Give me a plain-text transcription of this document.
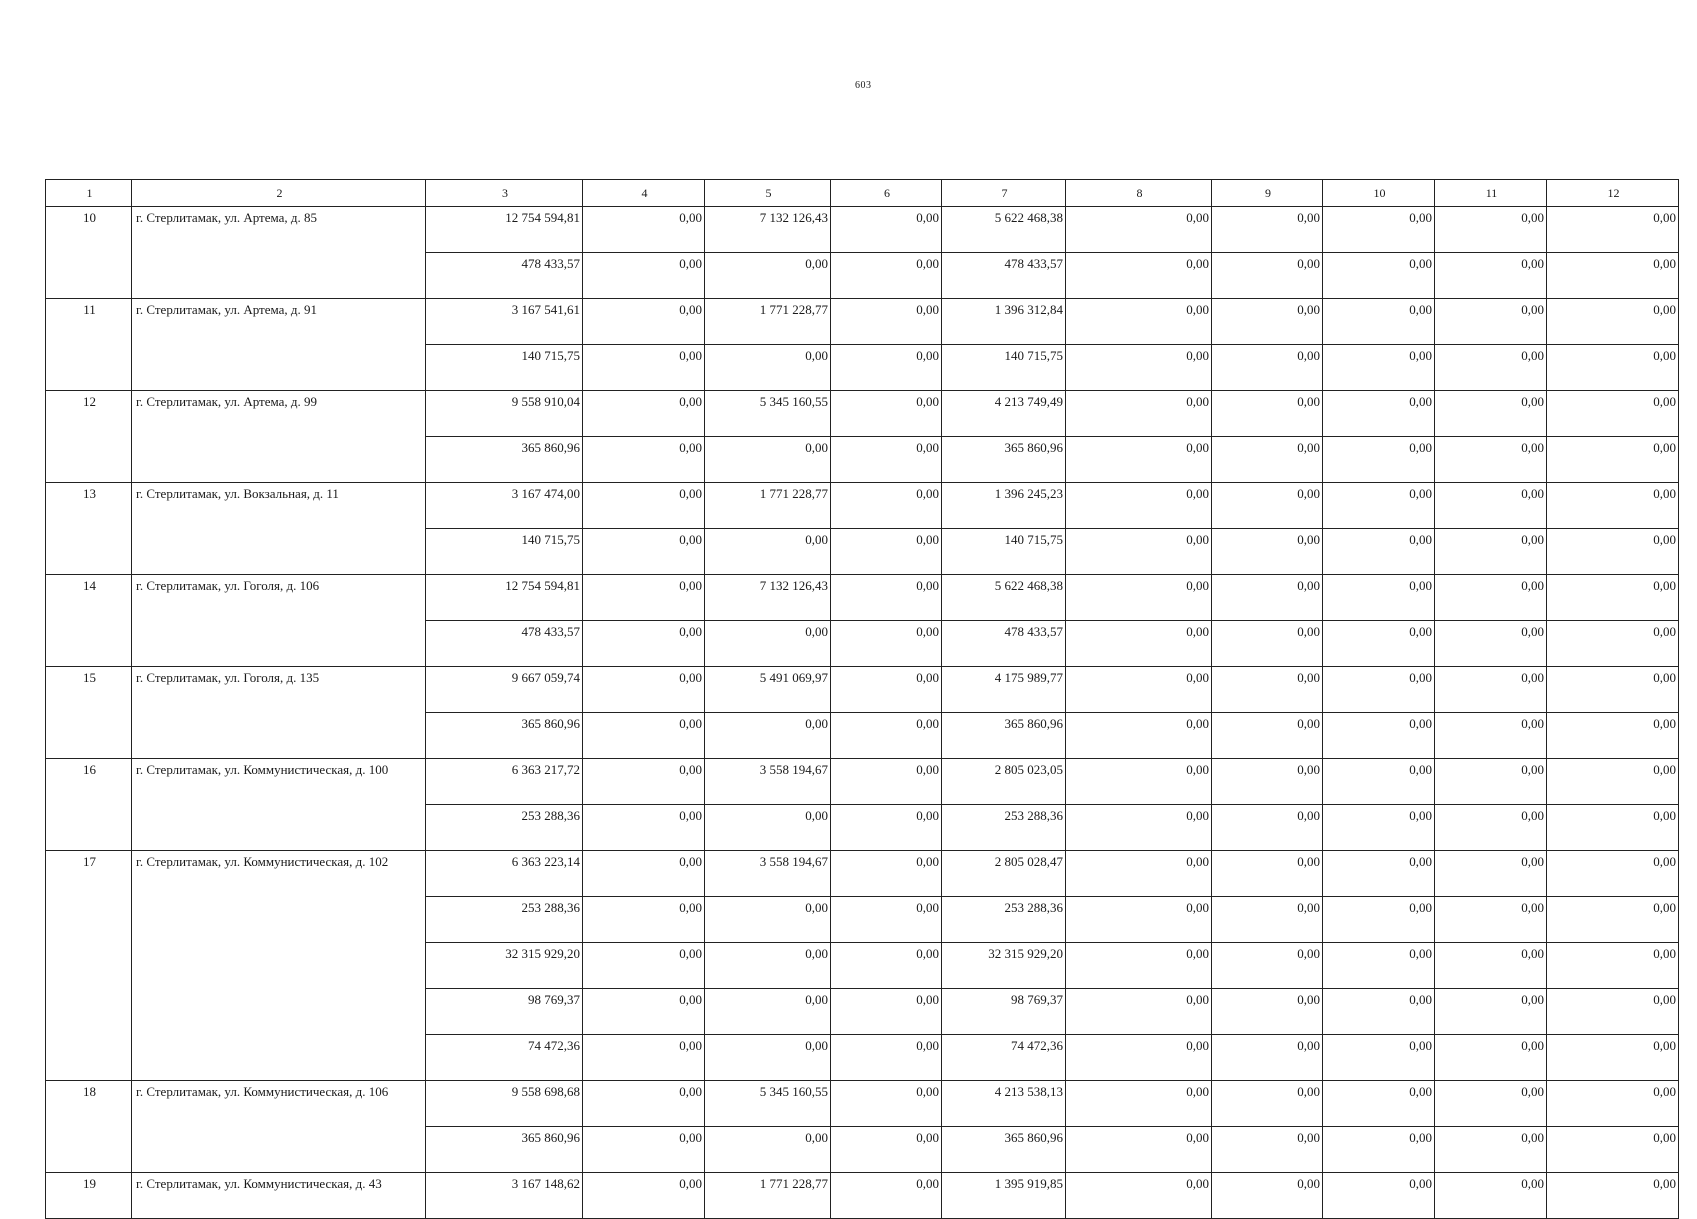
603
1	2	3	4	5	6	7	8	9	10	11	12
10	г. Стерлитамак, ул. Артема, д. 85	12 754 594,81	0,00	7 132 126,43	0,00	5 622 468,38	0,00	0,00	0,00	0,00	0,00
		478 433,57	0,00	0,00	0,00	478 433,57	0,00	0,00	0,00	0,00	0,00
11	г. Стерлитамак, ул. Артема, д. 91	3 167 541,61	0,00	1 771 228,77	0,00	1 396 312,84	0,00	0,00	0,00	0,00	0,00
		140 715,75	0,00	0,00	0,00	140 715,75	0,00	0,00	0,00	0,00	0,00
12	г. Стерлитамак, ул. Артема, д. 99	9 558 910,04	0,00	5 345 160,55	0,00	4 213 749,49	0,00	0,00	0,00	0,00	0,00
		365 860,96	0,00	0,00	0,00	365 860,96	0,00	0,00	0,00	0,00	0,00
13	г. Стерлитамак, ул. Вокзальная, д. 11	3 167 474,00	0,00	1 771 228,77	0,00	1 396 245,23	0,00	0,00	0,00	0,00	0,00
		140 715,75	0,00	0,00	0,00	140 715,75	0,00	0,00	0,00	0,00	0,00
14	г. Стерлитамак, ул. Гоголя, д. 106	12 754 594,81	0,00	7 132 126,43	0,00	5 622 468,38	0,00	0,00	0,00	0,00	0,00
		478 433,57	0,00	0,00	0,00	478 433,57	0,00	0,00	0,00	0,00	0,00
15	г. Стерлитамак, ул. Гоголя, д. 135	9 667 059,74	0,00	5 491 069,97	0,00	4 175 989,77	0,00	0,00	0,00	0,00	0,00
		365 860,96	0,00	0,00	0,00	365 860,96	0,00	0,00	0,00	0,00	0,00
16	г. Стерлитамак, ул. Коммунистическая, д. 100	6 363 217,72	0,00	3 558 194,67	0,00	2 805 023,05	0,00	0,00	0,00	0,00	0,00
		253 288,36	0,00	0,00	0,00	253 288,36	0,00	0,00	0,00	0,00	0,00
17	г. Стерлитамак, ул. Коммунистическая, д. 102	6 363 223,14	0,00	3 558 194,67	0,00	2 805 028,47	0,00	0,00	0,00	0,00	0,00
		253 288,36	0,00	0,00	0,00	253 288,36	0,00	0,00	0,00	0,00	0,00
		32 315 929,20	0,00	0,00	0,00	32 315 929,20	0,00	0,00	0,00	0,00	0,00
		98 769,37	0,00	0,00	0,00	98 769,37	0,00	0,00	0,00	0,00	0,00
		74 472,36	0,00	0,00	0,00	74 472,36	0,00	0,00	0,00	0,00	0,00
18	г. Стерлитамак, ул. Коммунистическая, д. 106	9 558 698,68	0,00	5 345 160,55	0,00	4 213 538,13	0,00	0,00	0,00	0,00	0,00
		365 860,96	0,00	0,00	0,00	365 860,96	0,00	0,00	0,00	0,00	0,00
19	г. Стерлитамак, ул. Коммунистическая, д. 43	3 167 148,62	0,00	1 771 228,77	0,00	1 395 919,85	0,00	0,00	0,00	0,00	0,00
